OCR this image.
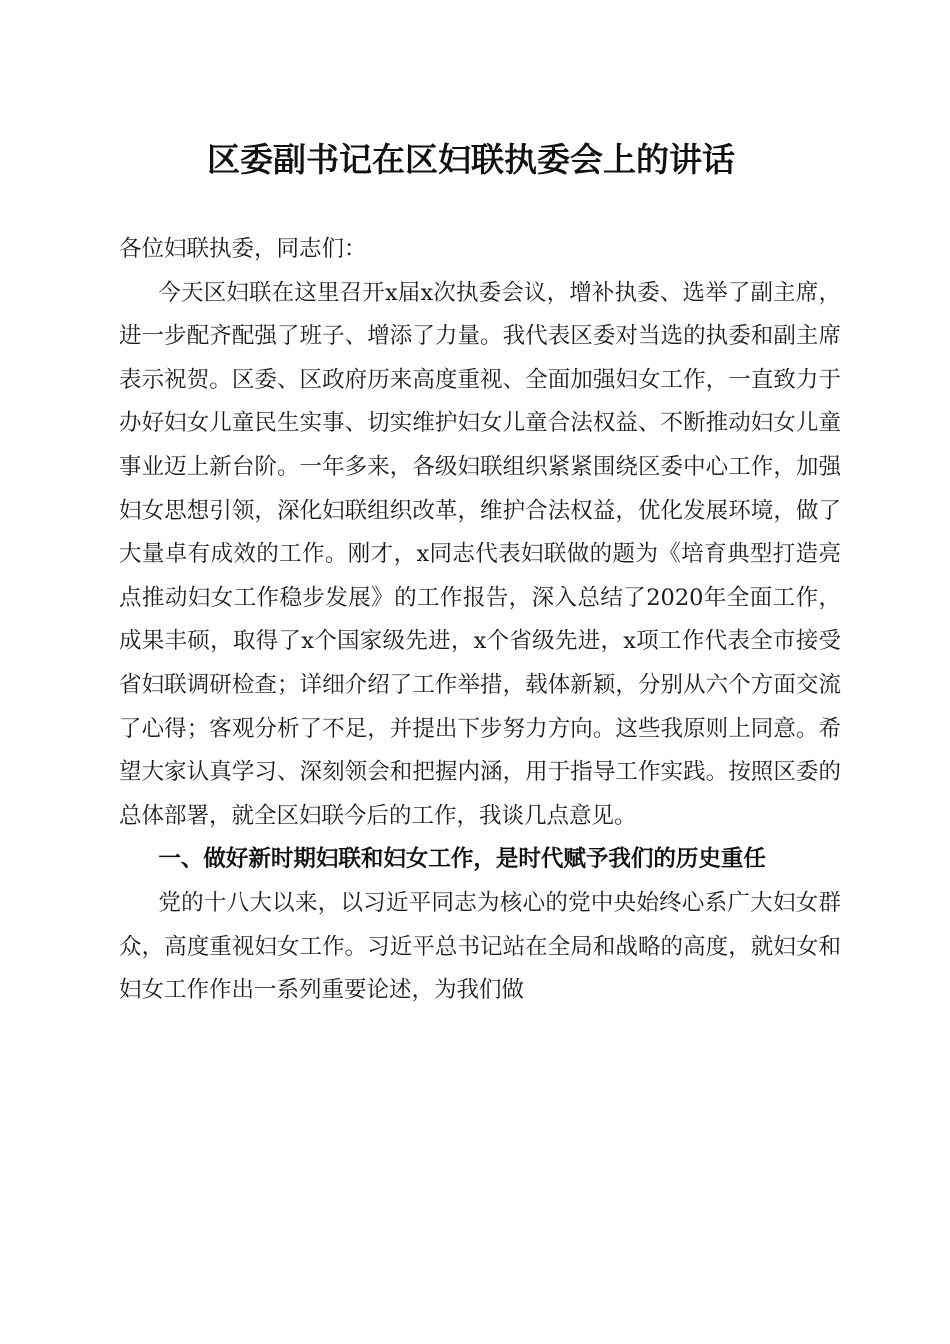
区委副书记在区妇联执委会上的讲话

各位妇联执委，同志们：

今天区妇联在这里召开x届x次执委会议，增补执委、选举了副主席，进一步配齐配强了班子、增添了力量。我代表区委对当选的执委和副主席表示祝贺。区委、区政府历来高度重视、全面加强妇女工作，一直致力于办好妇女儿童民生实事、切实维护妇女儿童合法权益、不断推动妇女儿童事业迈上新台阶。一年多来，各级妇联组织紧紧围绕区委中心工作，加强妇女思想引领，深化妇联组织改革，维护合法权益，优化发展环境，做了大量卓有成效的工作。刚才，x同志代表妇联做的题为《培育典型打造亮点推动妇女工作稳步发展》的工作报告，深入总结了2020年全面工作，成果丰硕，取得了x个国家级先进，x个省级先进，x项工作代表全市接受省妇联调研检查；详细介绍了工作举措，载体新颖，分别从六个方面交流了心得；客观分析了不足，并提出下步努力方向。这些我原则上同意。希望大家认真学习、深刻领会和把握内涵，用于指导工作实践。按照区委的总体部署，就全区妇联今后的工作，我谈几点意见。

一、做好新时期妇联和妇女工作，是时代赋予我们的历史重任

党的十八大以来，以习近平同志为核心的党中央始终心系广大妇女群众，高度重视妇女工作。习近平总书记站在全局和战略的高度，就妇女和妇女工作作出一系列重要论述，为我们做
